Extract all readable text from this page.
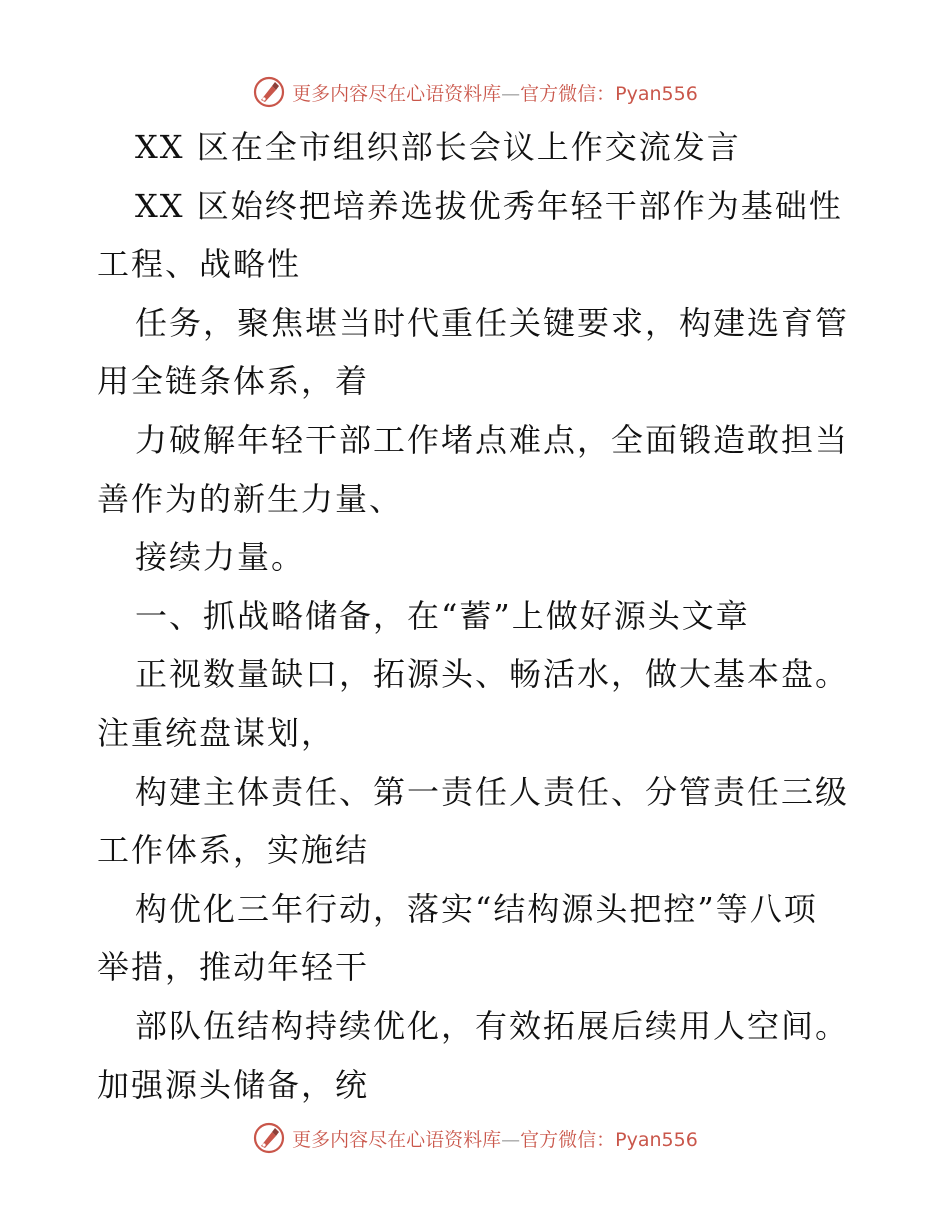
更多内容尽在心语资料库—官方微信：Pyan556
XX 区在全市组织部长会议上作交流发言
XX 区始终把培养选拔优秀年轻干部作为基础性
工程、战略性
任务，聚焦堪当时代重任关键要求，构建选育管
用全链条体系，着
力破解年轻干部工作堵点难点，全面锻造敢担当
善作为的新生力量、
接续力量。
一、抓战略储备，在“蓄”上做好源头文章
正视数量缺口，拓源头、畅活水，做大基本盘。
注重统盘谋划，
构建主体责任、第一责任人责任、分管责任三级
工作体系，实施结
构优化三年行动，落实“结构源头把控”等八项
举措，推动年轻干
部队伍结构持续优化，有效拓展后续用人空间。
加强源头储备，统
更多内容尽在心语资料库—官方微信：Pyan556
